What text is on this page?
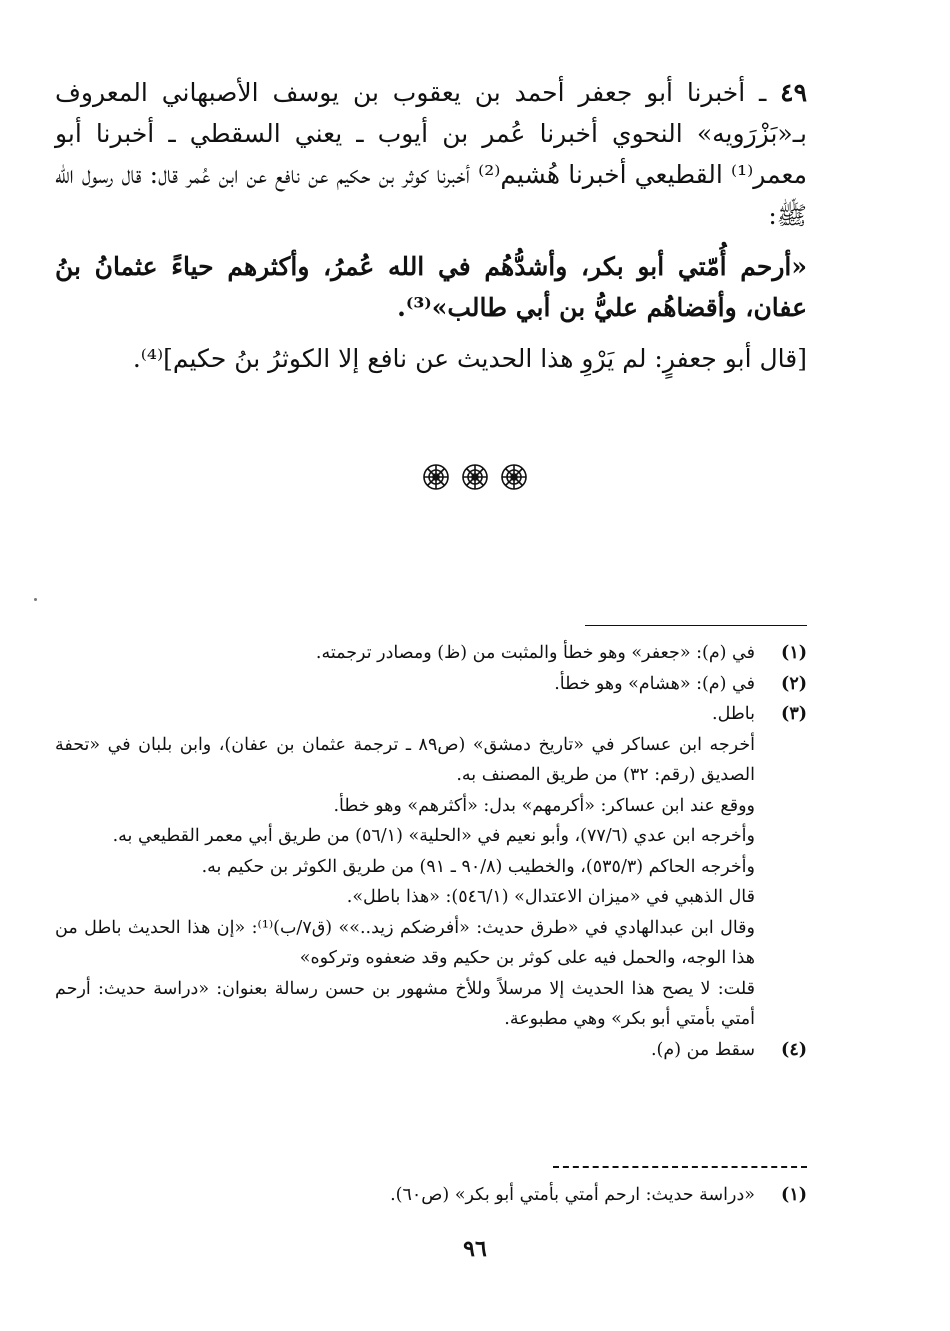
٤٩ ـ أخبرنا أبو جعفر أحمد بن يعقوب بن يوسف الأصبهاني المعروف بـ«بَزْرَويه» النحوي أخبرنا عُمر بن أيوب ـ يعني السقطي ـ أخبرنا أبو معمر⁽¹⁾ القطيعي أخبرنا هُشيم⁽²⁾ أخبرنا كوثر بن حكيم عن نافع عن ابن عُمر قال: قال رسول الله ﷺ:

«أرحم أُمّتي أبو بكر، وأشدُّهُم في الله عُمرُ، وأكثرهم حياءً عثمانُ بنُ عفان، وأقضاهُم عليُّ بن أبي طالب»⁽³⁾.

[قال أبو جعفرٍ: لم يَرْوِ هذا الحديث عن نافع إلا الكوثرُ بنُ حكيم]⁽⁴⁾.

(١)
في (م): «جعفر» وهو خطأ والمثبت من (ظ) ومصادر ترجمته.
(٢)
في (م): «هشام» وهو خطأ.
(٣)
باطل.
أخرجه ابن عساكر في «تاريخ دمشق» (ص٨٩ ـ ترجمة عثمان بن عفان)، وابن بلبان في «تحفة الصديق (رقم: ٣٢) من طريق المصنف به.
ووقع عند ابن عساكر: «أكرمهم» بدل: «أكثرهم» وهو خطأ.
وأخرجه ابن عدي (٧٧/٦)، وأبو نعيم في «الحلية» (٥٦/١) من طريق أبي معمر القطيعي به.
وأخرجه الحاكم (٥٣٥/٣)، والخطيب (٩٠/٨ ـ ٩١) من طريق الكوثر بن حكيم به.
قال الذهبي في «ميزان الاعتدال» (٥٤٦/١): «هذا باطل».
وقال ابن عبدالهادي في «طرق حديث: «أفرضكم زيد..»» (ق٧/ب)⁽¹⁾: «إن هذا الحديث باطل من هذا الوجه، والحمل فيه على كوثر بن حكيم وقد ضعفوه وتركوه»
قلت: لا يصح هذا الحديث إلا مرسلاً وللأخ مشهور بن حسن رسالة بعنوان: «دراسة حديث: أرحم أمتي بأمتي أبو بكر» وهي مطبوعة.
(٤)
سقط من (م).
(١)
«دراسة حديث: ارحم أمتي بأمتي أبو بكر» (ص٦٠).
٩٦
